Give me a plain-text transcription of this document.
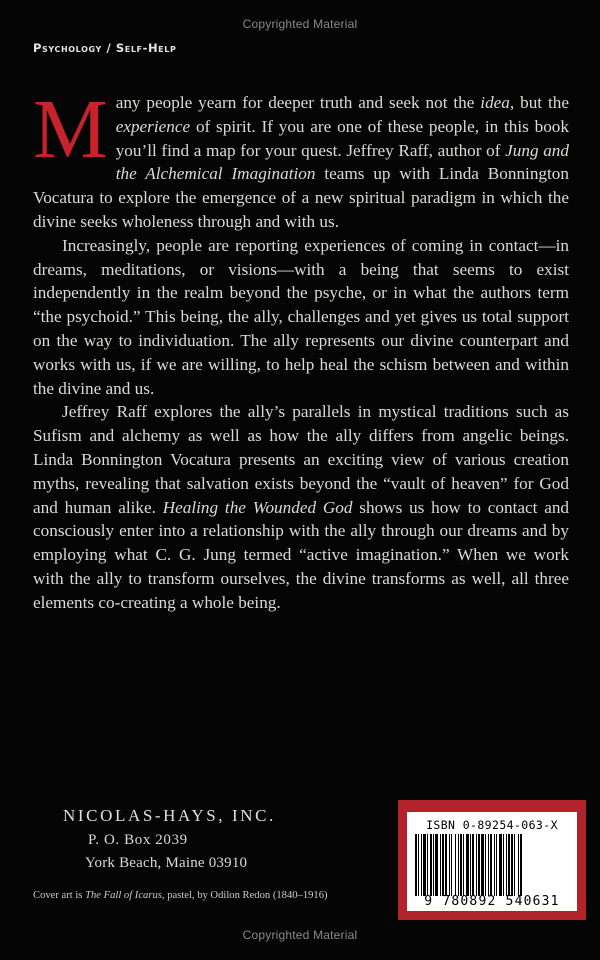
Copyrighted Material
Psychology / Self-Help

Many people yearn for deeper truth and seek not the idea, but the experience of spirit. If you are one of these people, in this book you’ll find a map for your quest. Jeffrey Raff, author of Jung and the Alchemical Imagination teams up with Linda Bonnington Vocatura to explore the emergence of a new spiritual paradigm in which the divine seeks wholeness through and with us.

Increasingly, people are reporting experiences of coming in contact—in dreams, meditations, or visions—with a being that seems to exist independently in the realm beyond the psyche, or in what the authors term “the psychoid.” This being, the ally, challenges and yet gives us total support on the way to individuation. The ally represents our divine counterpart and works with us, if we are willing, to help heal the schism between and within the divine and us.

Jeffrey Raff explores the ally’s parallels in mystical traditions such as Sufism and alchemy as well as how the ally differs from angelic beings. Linda Bonnington Vocatura presents an exciting view of various creation myths, revealing that salvation exists beyond the “vault of heaven” for God and human alike. Healing the Wounded God shows us how to contact and consciously enter into a relationship with the ally through our dreams and by employing what C. G. Jung termed “active imagination.” When we work with the ally to transform ourselves, the divine transforms as well, all three elements co-creating a whole being.

NICOLAS-HAYS, INC.
P. O. Box 2039
York Beach, Maine 03910
Cover art is The Fall of Icarus, pastel, by Odilon Redon (1840–1916)
ISBN 0-89254-063-X
9 780892 540631
Copyrighted Material
